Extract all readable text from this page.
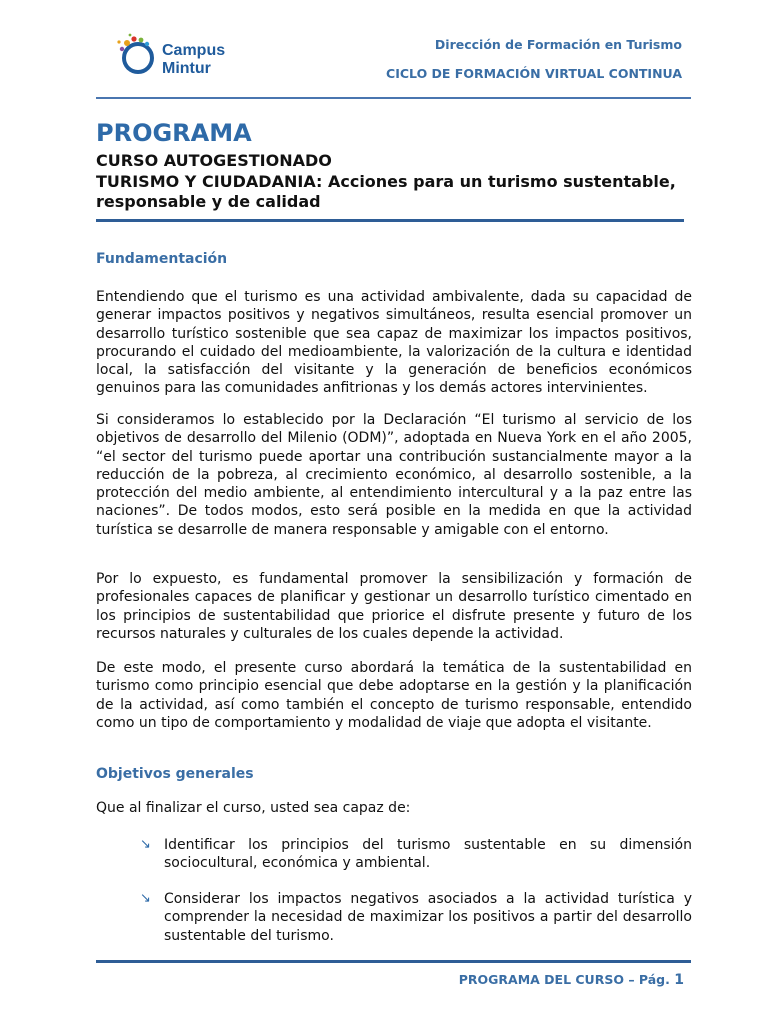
Campus
Mintur
Dirección de Formación en Turismo
CICLO DE FORMACIÓN VIRTUAL CONTINUA
PROGRAMA
CURSO AUTOGESTIONADO
TURISMO Y CIUDADANIA: Acciones para un turismo sustentable, responsable y de calidad
Fundamentación
Entendiendo que el turismo es una actividad ambivalente, dada su capacidad de generar impactos positivos y negativos simultáneos, resulta esencial promover un desarrollo turístico sostenible que sea capaz de maximizar los impactos positivos, procurando el cuidado del medioambiente, la valorización de la cultura e identidad local, la satisfacción del visitante y la generación de beneficios económicos genuinos para las comunidades anfitrionas y los demás actores intervinientes.
Si consideramos lo establecido por la Declaración “El turismo al servicio de los objetivos de desarrollo del Milenio (ODM)”, adoptada en Nueva York en el año 2005, “el sector del turismo puede aportar una contribución sustancialmente mayor a la reducción de la pobreza, al crecimiento económico, al desarrollo sostenible, a la protección del medio ambiente, al entendimiento intercultural y a la paz entre las naciones”. De todos modos, esto será posible en la medida en que la actividad turística se desarrolle de manera responsable y amigable con el entorno.
Por lo expuesto, es fundamental promover la sensibilización y formación de profesionales capaces de planificar y gestionar un desarrollo turístico cimentado en los principios de sustentabilidad que priorice el disfrute presente y futuro de los recursos naturales y culturales de los cuales depende la actividad.
De este modo, el presente curso abordará la temática de la sustentabilidad en turismo como principio esencial que debe adoptarse en la gestión y la planificación de la actividad, así como también el concepto de turismo responsable, entendido como un tipo de comportamiento y modalidad de viaje que adopta el visitante.
Objetivos generales
Que al finalizar el curso, usted sea capaz de:
↘ Identificar los principios del turismo sustentable en su dimensión sociocultural, económica y ambiental.
↘ Considerar los impactos negativos asociados a la actividad turística y comprender la necesidad de maximizar los positivos a partir del desarrollo sustentable del turismo.
PROGRAMA DEL CURSO – Pág. 1
